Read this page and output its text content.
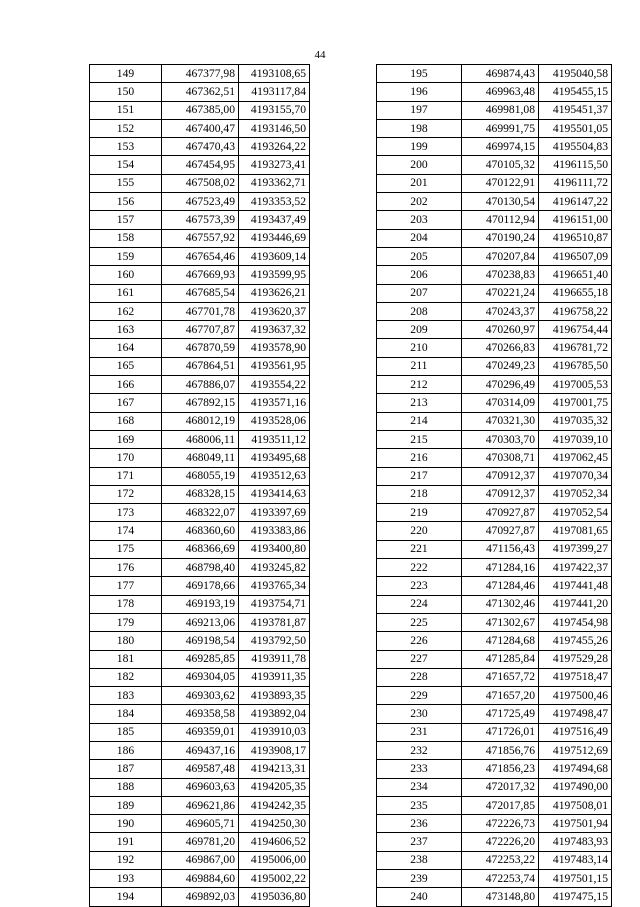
44
149	467377,98	4193108,65
150	467362,51	4193117,84
151	467385,00	4193155,70
152	467400,47	4193146,50
153	467470,43	4193264,22
154	467454,95	4193273,41
155	467508,02	4193362,71
156	467523,49	4193353,52
157	467573,39	4193437,49
158	467557,92	4193446,69
159	467654,46	4193609,14
160	467669,93	4193599,95
161	467685,54	4193626,21
162	467701,78	4193620,37
163	467707,87	4193637,32
164	467870,59	4193578,90
165	467864,51	4193561,95
166	467886,07	4193554,22
167	467892,15	4193571,16
168	468012,19	4193528,06
169	468006,11	4193511,12
170	468049,11	4193495,68
171	468055,19	4193512,63
172	468328,15	4193414,63
173	468322,07	4193397,69
174	468360,60	4193383,86
175	468366,69	4193400,80
176	468798,40	4193245,82
177	469178,66	4193765,34
178	469193,19	4193754,71
179	469213,06	4193781,87
180	469198,54	4193792,50
181	469285,85	4193911,78
182	469304,05	4193911,35
183	469303,62	4193893,35
184	469358,58	4193892,04
185	469359,01	4193910,03
186	469437,16	4193908,17
187	469587,48	4194213,31
188	469603,63	4194205,35
189	469621,86	4194242,35
190	469605,71	4194250,30
191	469781,20	4194606,52
192	469867,00	4195006,00
193	469884,60	4195002,22
194	469892,03	4195036,80
195	469874,43	4195040,58
196	469963,48	4195455,15
197	469981,08	4195451,37
198	469991,75	4195501,05
199	469974,15	4195504,83
200	470105,32	4196115,50
201	470122,91	4196111,72
202	470130,54	4196147,22
203	470112,94	4196151,00
204	470190,24	4196510,87
205	470207,84	4196507,09
206	470238,83	4196651,40
207	470221,24	4196655,18
208	470243,37	4196758,22
209	470260,97	4196754,44
210	470266,83	4196781,72
211	470249,23	4196785,50
212	470296,49	4197005,53
213	470314,09	4197001,75
214	470321,30	4197035,32
215	470303,70	4197039,10
216	470308,71	4197062,45
217	470912,37	4197070,34
218	470912,37	4197052,34
219	470927,87	4197052,54
220	470927,87	4197081,65
221	471156,43	4197399,27
222	471284,16	4197422,37
223	471284,46	4197441,48
224	471302,46	4197441,20
225	471302,67	4197454,98
226	471284,68	4197455,26
227	471285,84	4197529,28
228	471657,72	4197518,47
229	471657,20	4197500,46
230	471725,49	4197498,47
231	471726,01	4197516,49
232	471856,76	4197512,69
233	471856,23	4197494,68
234	472017,32	4197490,00
235	472017,85	4197508,01
236	472226,73	4197501,94
237	472226,20	4197483,93
238	472253,22	4197483,14
239	472253,74	4197501,15
240	473148,80	4197475,15
